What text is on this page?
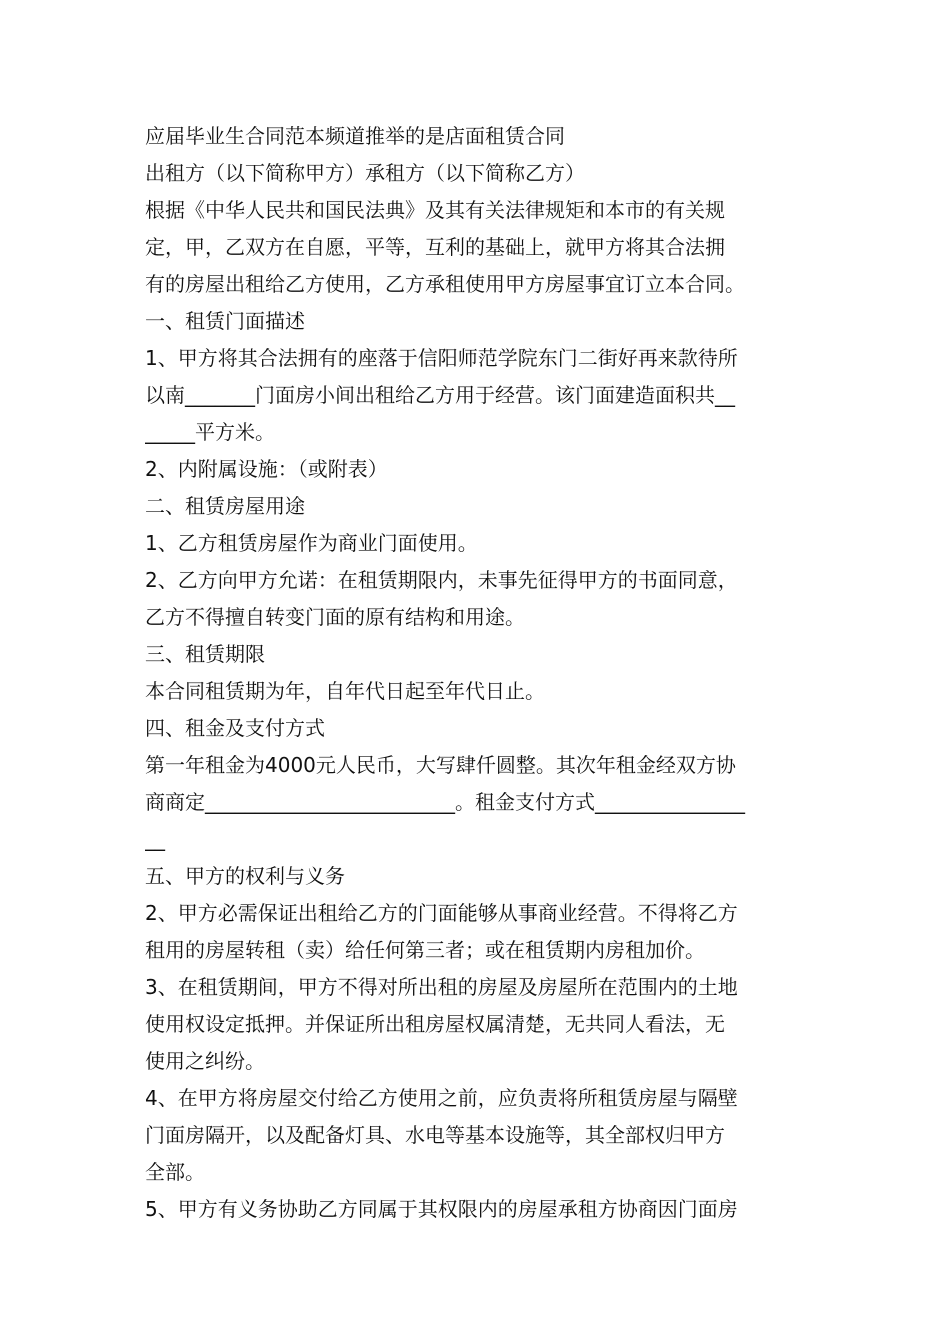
应届毕业生合同范本频道推举的是店面租赁合同
出租方（以下简称甲方）承租方（以下简称乙方）
根据《中华人民共和国民法典》及其有关法律规矩和本市的有关规
定，甲，乙双方在自愿，平等，互利的基础上，就甲方将其合法拥
有的房屋出租给乙方使用，乙方承租使用甲方房屋事宜订立本合同。
一、租赁门面描述
1、甲方将其合法拥有的座落于信阳师范学院东门二街好再来款待所
以南_______门面房小间出租给乙方用于经营。该门面建造面积共__
_____平方米。
2、内附属设施：（或附表）
二、租赁房屋用途
1、乙方租赁房屋作为商业门面使用。
2、乙方向甲方允诺：在租赁期限内，未事先征得甲方的书面同意，
乙方不得擅自转变门面的原有结构和用途。
三、租赁期限
本合同租赁期为年，自年代日起至年代日止。
四、租金及支付方式
第一年租金为4000元人民币，大写肆仟圆整。其次年租金经双方协
商商定_________________________。租金支付方式_______________
__
五、甲方的权利与义务
2、甲方必需保证出租给乙方的门面能够从事商业经营。不得将乙方
租用的房屋转租（卖）给任何第三者；或在租赁期内房租加价。
3、在租赁期间，甲方不得对所出租的房屋及房屋所在范围内的土地
使用权设定抵押。并保证所出租房屋权属清楚，无共同人看法，无
使用之纠纷。
4、在甲方将房屋交付给乙方使用之前，应负责将所租赁房屋与隔壁
门面房隔开，以及配备灯具、水电等基本设施等，其全部权归甲方
全部。
5、甲方有义务协助乙方同属于其权限内的房屋承租方协商因门面房
